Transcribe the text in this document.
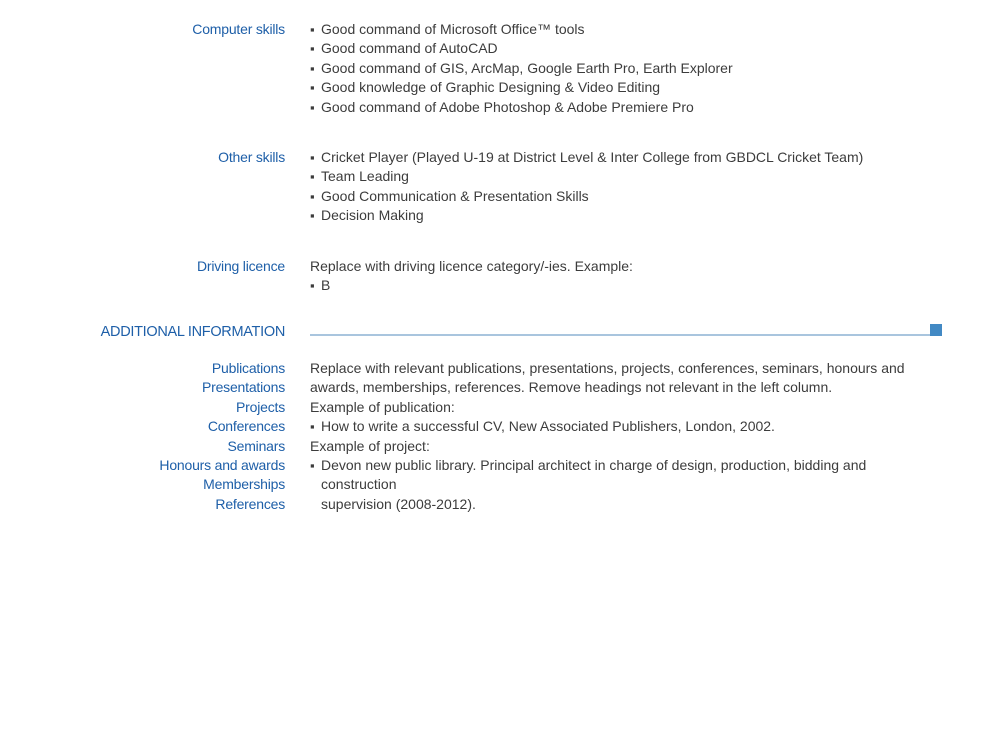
Computer skills	▪ Good command of Microsoft Office™ tools
▪ Good command of AutoCAD
▪ Good command of GIS, ArcMap, Google Earth Pro, Earth Explorer
▪ Good knowledge of Graphic Designing & Video Editing
▪ Good command of Adobe Photoshop & Adobe Premiere Pro
Other skills	▪ Cricket Player (Played U-19 at District Level & Inter College from GBDCL Cricket Team)
▪ Team Leading
▪ Good Communication & Presentation Skills
▪ Decision Making
Driving licence Replace with driving licence category/-ies. Example:
▪ B
ADDITIONAL INFORMATION
Publications
Presentations
Projects
Conferences
Seminars
Honours and awards
Memberships
References
Replace with relevant publications, presentations, projects, conferences, seminars, honours and
awards, memberships, references. Remove headings not relevant in the left column.
Example of publication:
▪ How to write a successful CV, New Associated Publishers, London, 2002.
Example of project:
▪ Devon new public library. Principal architect in charge of design, production, bidding and construction
supervision (2008-2012).
